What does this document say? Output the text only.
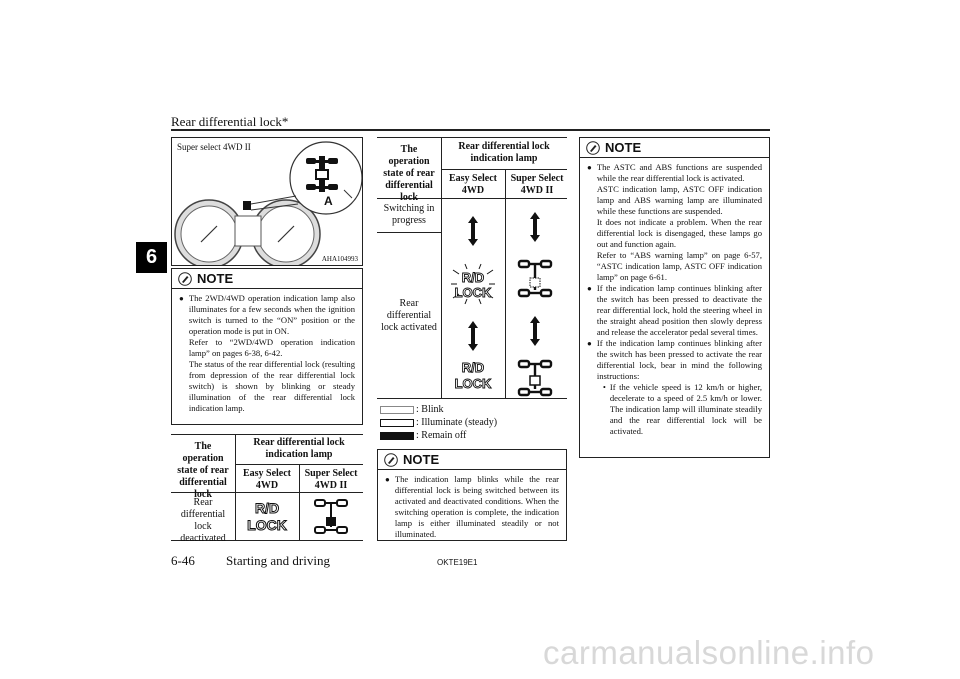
Rear differential lock*
6
Super select 4WD II
A
AHA104993
NOTE
● The 2WD/4WD operation indication lamp also illuminates for a few seconds when the ignition switch is turned to the “ON” position or the operation mode is put in ON.
Refer to “2WD/4WD operation indication lamp” on pages 6-38, 6-42.
The status of the rear differential lock (resulting from depression of the rear differential lock switch) is shown by blinking or steady illumination of the rear differential lock indication lamp.
The operation state of rear differential lock
Rear differential lock indication lamp
Easy Select 4WD
Super Select 4WD II
Rear differential lock deactivated
R/D
LOCK
The operation state of rear differential lock
Rear differential lock indication lamp
Easy Select 4WD
Super Select 4WD II
Switching in progress
Rear differential lock activated
R/D
LOCK
R/D
LOCK
: Blink
: Illuminate (steady)
: Remain off
NOTE
● The indication lamp blinks while the rear differential lock is being switched between its activated and deactivated conditions. When the switching operation is complete, the indication lamp is either illuminated steadily or not illuminated.
NOTE
● The ASTC and ABS functions are suspended while the rear differential lock is activated.
ASTC indication lamp, ASTC OFF indication lamp and ABS warning lamp are illuminated while these functions are suspended.
It does not indicate a problem. When the rear differential lock is disengaged, these lamps go out and function again.
Refer to “ABS warning lamp” on page 6-57, “ASTC indication lamp, ASTC OFF indication lamp” on page 6-61.
● If the indication lamp continues blinking after the switch has been pressed to deactivate the rear differential lock, hold the steering wheel in the straight ahead position then slowly depress and release the accelerator pedal several times.
● If the indication lamp continues blinking after the switch has been pressed to activate the rear differential lock, bear in mind the following instructions:
• If the vehicle speed is 12 km/h or higher, decelerate to a speed of 2.5 km/h or lower. The indication lamp will illuminate steadily and the rear differential lock will be activated.
6-46 Starting and driving	OKTE19E1
carmanualsonline.info
